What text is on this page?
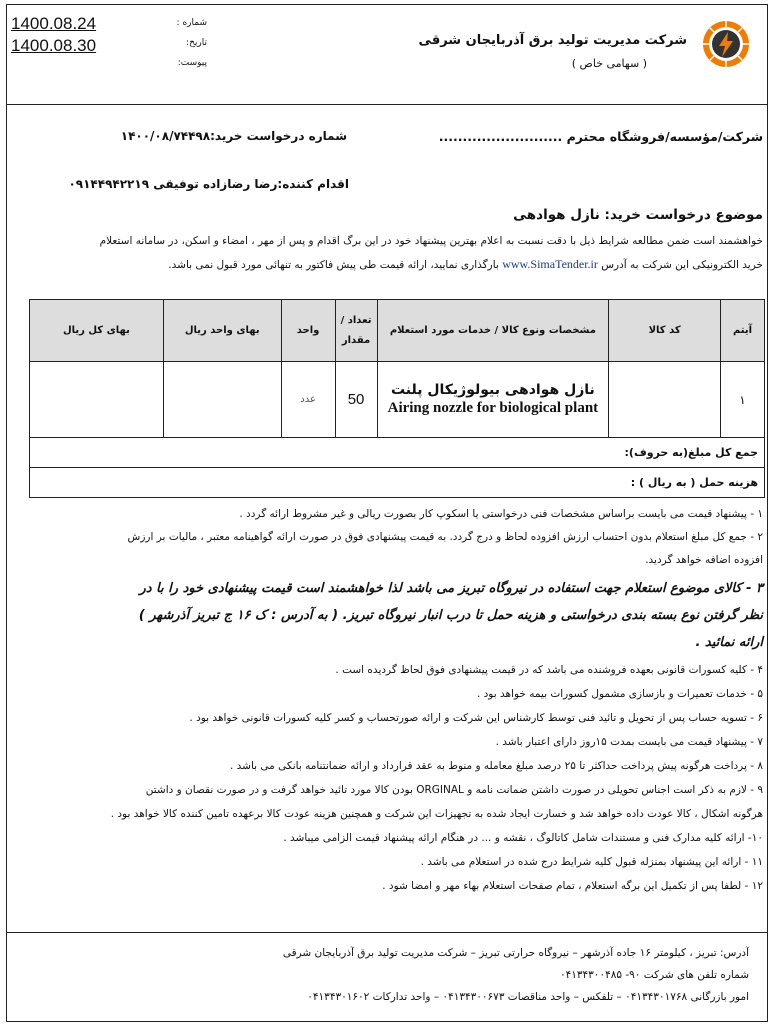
شرکت مدیریت تولید برق آذربایجان شرقی
( سهامی خاص )
1400.08.24
1400.08.30
شماره :
تاریخ:
پیوست:
شرکت/مؤسسه/فروشگاه محترم ..........................
شماره درخواست خرید:۱۴۰۰/۰۸/۷۴۴۹۸
اقدام کننده:رضا رضازاده توفیقی ۰۹۱۴۴۹۴۲۲۱۹
موضوع درخواست خرید: نازل هوادهی
خواهشمند است ضمن مطالعه شرایط ذیل با دقت نسبت به اعلام بهترین پیشنهاد خود در این برگ اقدام و پس از مهر ، امضاء و اسکن، در سامانه استعلام
خرید الکترونیکی این شرکت به آدرس www.SimaTender.ir بارگذاری نمایید، ارائه قیمت طی پیش فاکتور به تنهائی مورد قبول نمی باشد.
آیتم	کد کالا	مشخصات ونوع کالا / خدمات مورد استعلام	تعداد / مقدار	واحد	بهای واحد ریال	بهای کل ریال
۱		نازل هوادهی بیولوژیکال پلنت
Airing nozzle for biological plant	50	عدد		
جمع کل مبلغ(به حروف):						
هزینه حمل ( به ریال ) :						
۱ - پیشنهاد قیمت می بایست براساس مشخصات فنی درخواستی یا اسکوپ کار بصورت ریالی و غیر مشروط ارائه گردد .
۲ - جمع کل مبلغ استعلام بدون احتساب ارزش افزوده لحاظ و درج گردد. به قیمت پیشنهادی فوق در صورت ارائه گواهینامه معتبر ، مالیات بر ارزش
افزوده اضافه خواهد گردید.
۳ - کالای موضوع استعلام جهت استفاده در نیروگاه تبریز می باشد لذا خواهشمند است قیمت پیشنهادی خود را با در
نظر گرفتن نوع بسته بندی درخواستی و هزینه حمل تا درب انبار نیروگاه تبریز. ( به آدرس : ک ۱۶ ج تبریز آذرشهر )
ارائه نمائید .
۴ - کلیه کسورات قانونی بعهده فروشنده می باشد که در قیمت پیشنهادی فوق لحاظ گردیده است .
۵ - خدمات تعمیرات و بازسازی مشمول کسورات بیمه خواهد بود .
۶ - تسویه حساب پس از تحویل و تائید فنی توسط کارشناس این شرکت و ارائه صورتحساب و کسر کلیه کسورات قانونی خواهد بود .
۷ - پیشنهاد قیمت می بایست بمدت ۱۵روز دارای اعتبار باشد .
۸ - پرداخت هرگونه پیش پرداخت حداکثر تا ۲۵ درصد مبلغ معامله و منوط به عقد قرارداد و ارائه ضمانتنامه بانکی می باشد .
۹ - لازم به ذکر است اجناس تحویلی در صورت داشتن ضمانت نامه و ORGINAL بودن کالا مورد تائید خواهد گرفت و در صورت نقصان و داشتن
هرگونه اشکال ، کالا عودت داده خواهد شد و خسارت ایجاد شده به تجهیزات این شرکت و همچنین هزینه عودت کالا برعهده تامین کننده کالا خواهد بود .
۱۰- ارائه کلیه مدارک فنی و مستندات شامل کاتالوگ ، نقشه و ... در هنگام ارائه پیشنهاد قیمت الزامی میباشد .
۱۱ - ارائه این پیشنهاد بمنزله قبول کلیه شرایط درج شده در استعلام می باشد .
۱۲ - لطفا پس از تکمیل این برگه استعلام ، تمام صفحات استعلام بهاء مهر و امضا شود .
آدرس: تبریز ، کیلومتر ۱۶ جاده آذرشهر – نیروگاه حرارتی تبریز – شرکت مدیریت تولید برق آذربایجان شرقی
شماره تلفن های شرکت ۹۰- ۰۴۱۳۴۳۰۰۴۸۵
امور بازرگانی ۰۴۱۳۴۳۰۱۷۶۸ – تلفکس – واحد مناقصات ۰۴۱۳۴۳۰۰۶۷۳ – واحد تدارکات ۰۴۱۳۴۳۰۱۶۰۲
